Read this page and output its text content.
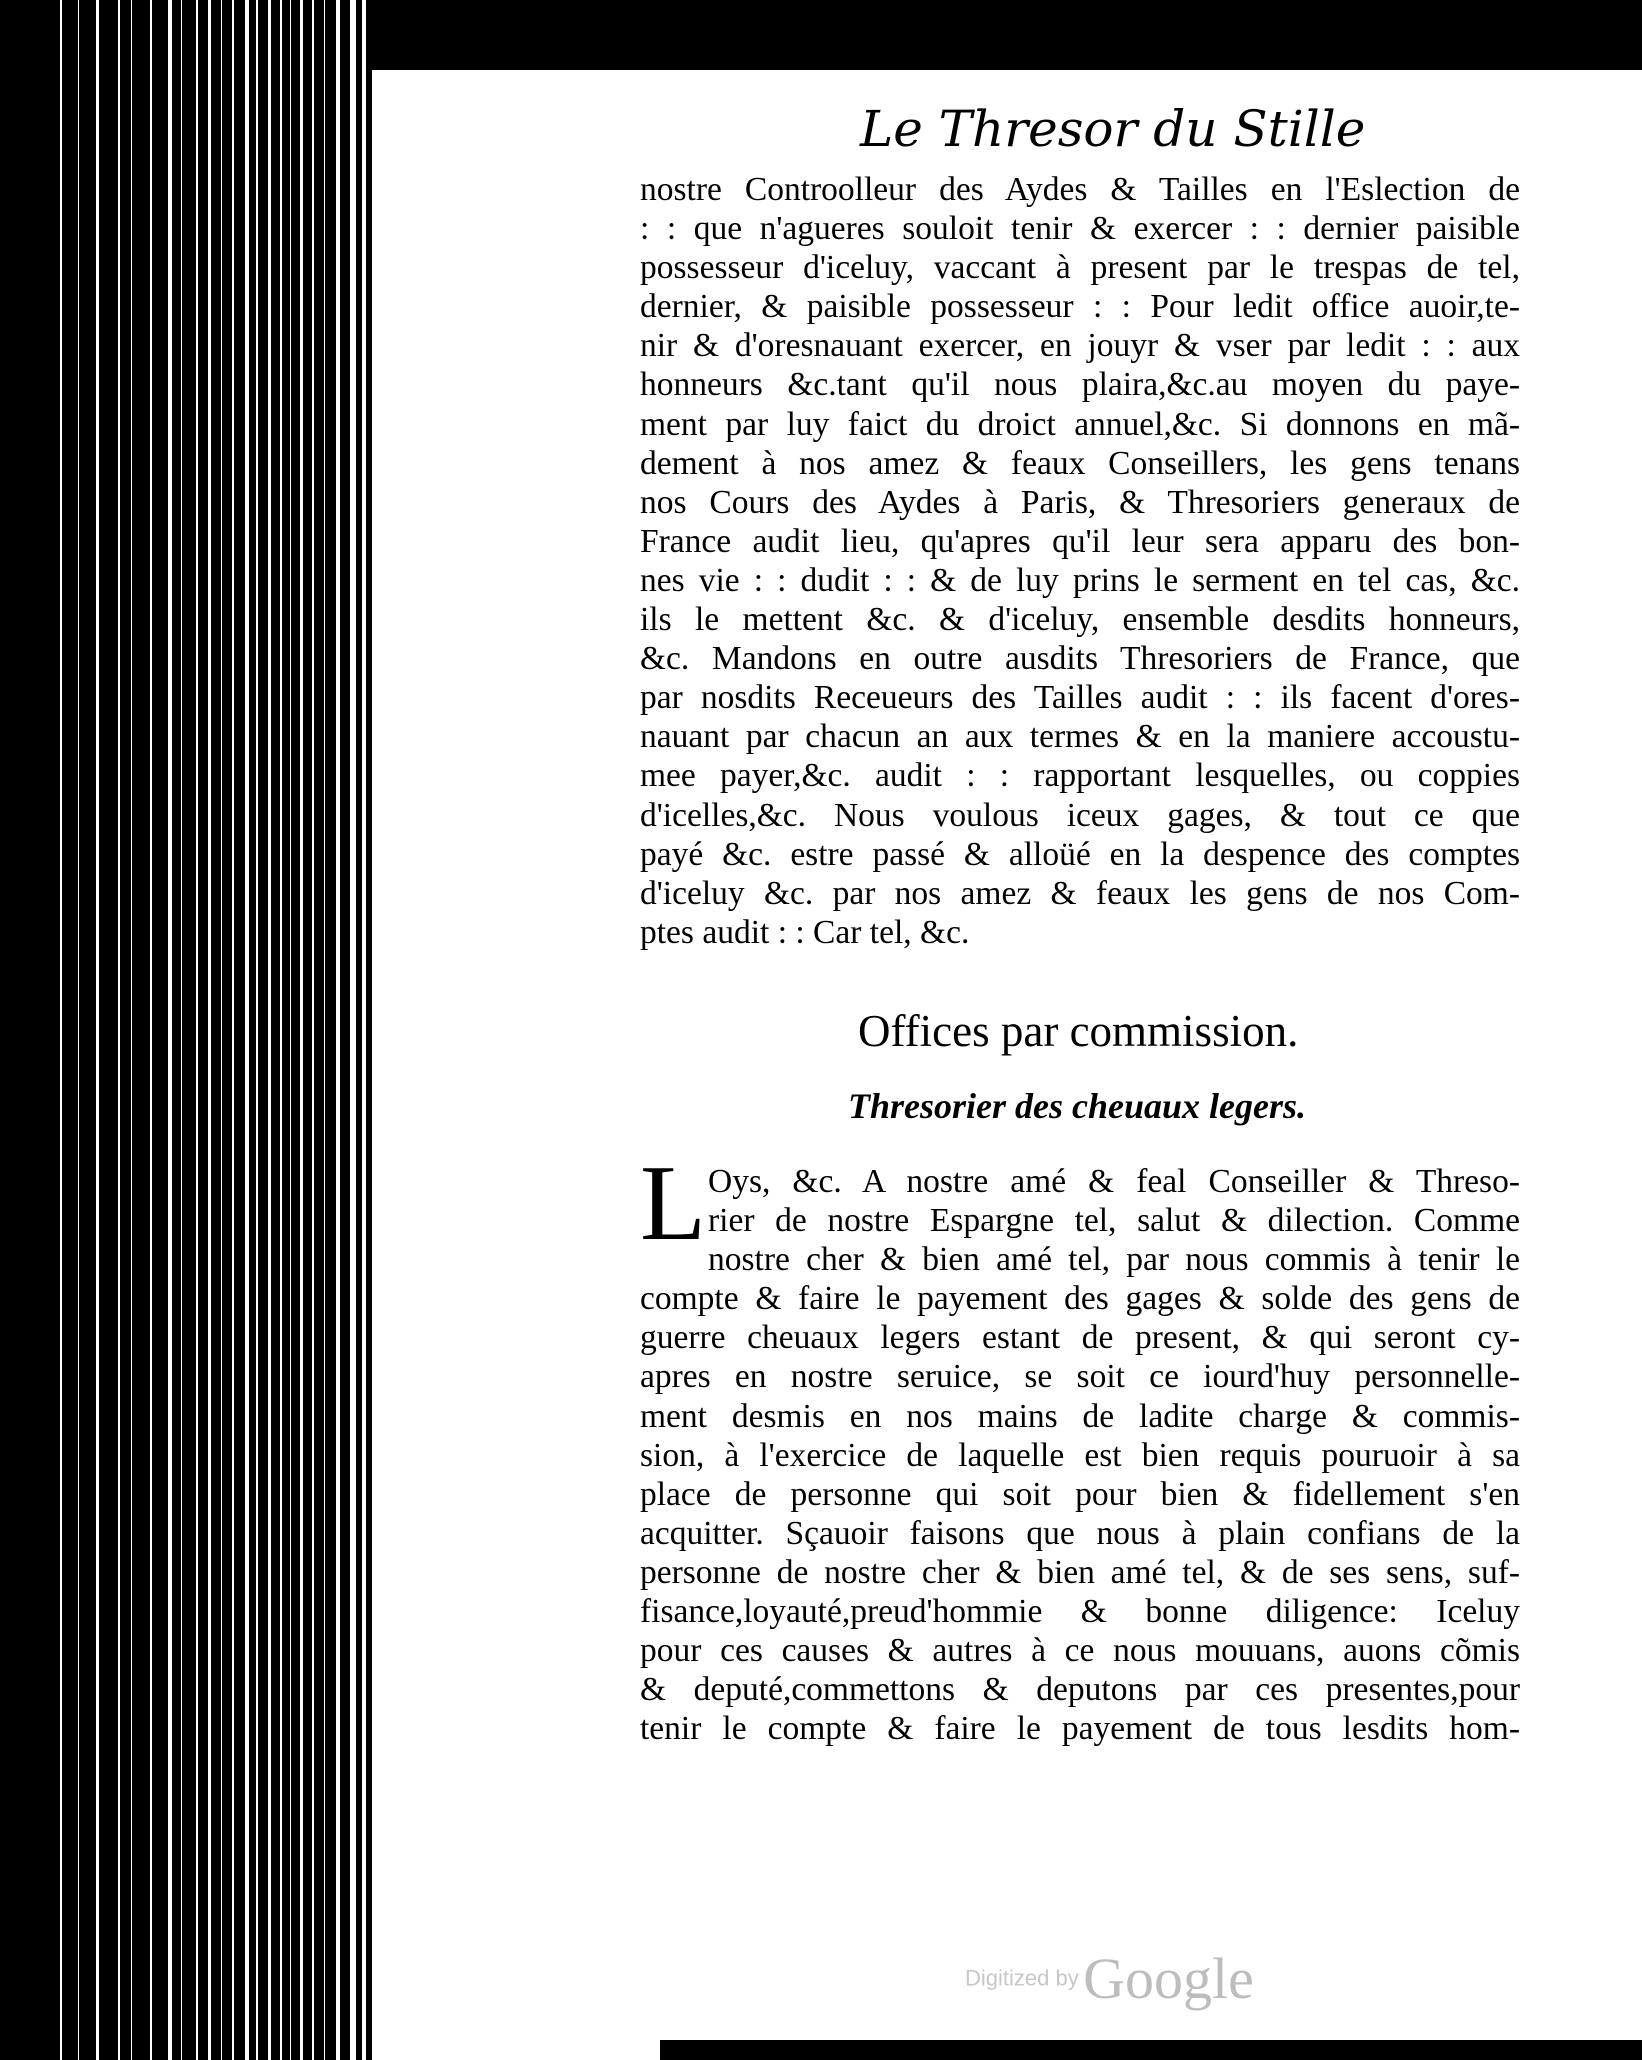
Le Thresor du Stille
nostre Controolleur des Aydes & Tailles en l'Eslection de
: : que n'agueres souloit tenir & exercer : : dernier paisible
possesseur d'iceluy, vaccant à present par le trespas de tel,
dernier, & paisible possesseur : : Pour ledit office auoir,te-
nir & d'oresnauant exercer, en jouyr & vser par ledit : : aux
honneurs &c.tant qu'il nous plaira,&c.au moyen du paye-
ment par luy faict du droict annuel,&c. Si donnons en mã-
dement à nos amez & feaux Conseillers, les gens tenans
nos Cours des Aydes à Paris, & Thresoriers generaux de
France audit lieu, qu'apres qu'il leur sera apparu des bon-
nes vie : : dudit : : & de luy prins le serment en tel cas, &c.
ils le mettent &c. & d'iceluy, ensemble desdits honneurs,
&c. Mandons en outre ausdits Thresoriers de France, que
par nosdits Receueurs des Tailles audit : : ils facent d'ores-
nauant par chacun an aux termes & en la maniere accoustu-
mee payer,&c. audit : : rapportant lesquelles, ou coppies
d'icelles,&c. Nous voulous iceux gages, & tout ce que
payé &c. estre passé & alloüé en la despence des comptes
d'iceluy &c. par nos amez & feaux les gens de nos Com-
ptes audit : : Car tel, &c.
Offices par commission.
Thresorier des cheuaux legers.
L Oys, &c. A nostre amé & feal Conseiller & Threso-
rier de nostre Espargne tel, salut & dilection. Comme
nostre cher & bien amé tel, par nous commis à tenir le
compte & faire le payement des gages & solde des gens de
guerre cheuaux legers estant de present, & qui seront cy-
apres en nostre seruice, se soit ce iourd'huy personnelle-
ment desmis en nos mains de ladite charge & commis-
sion, à l'exercice de laquelle est bien requis pouruoir à sa
place de personne qui soit pour bien & fidellement s'en
acquitter. Sçauoir faisons que nous à plain confians de la
personne de nostre cher & bien amé tel, & de ses sens, suf-
fisance,loyauté,preud'hommie & bonne diligence: Iceluy
pour ces causes & autres à ce nous mouuans, auons cõmis
& deputé,commettons & deputons par ces presentes,pour
tenir le compte & faire le payement de tous lesdits hom-
Digitized by Google
